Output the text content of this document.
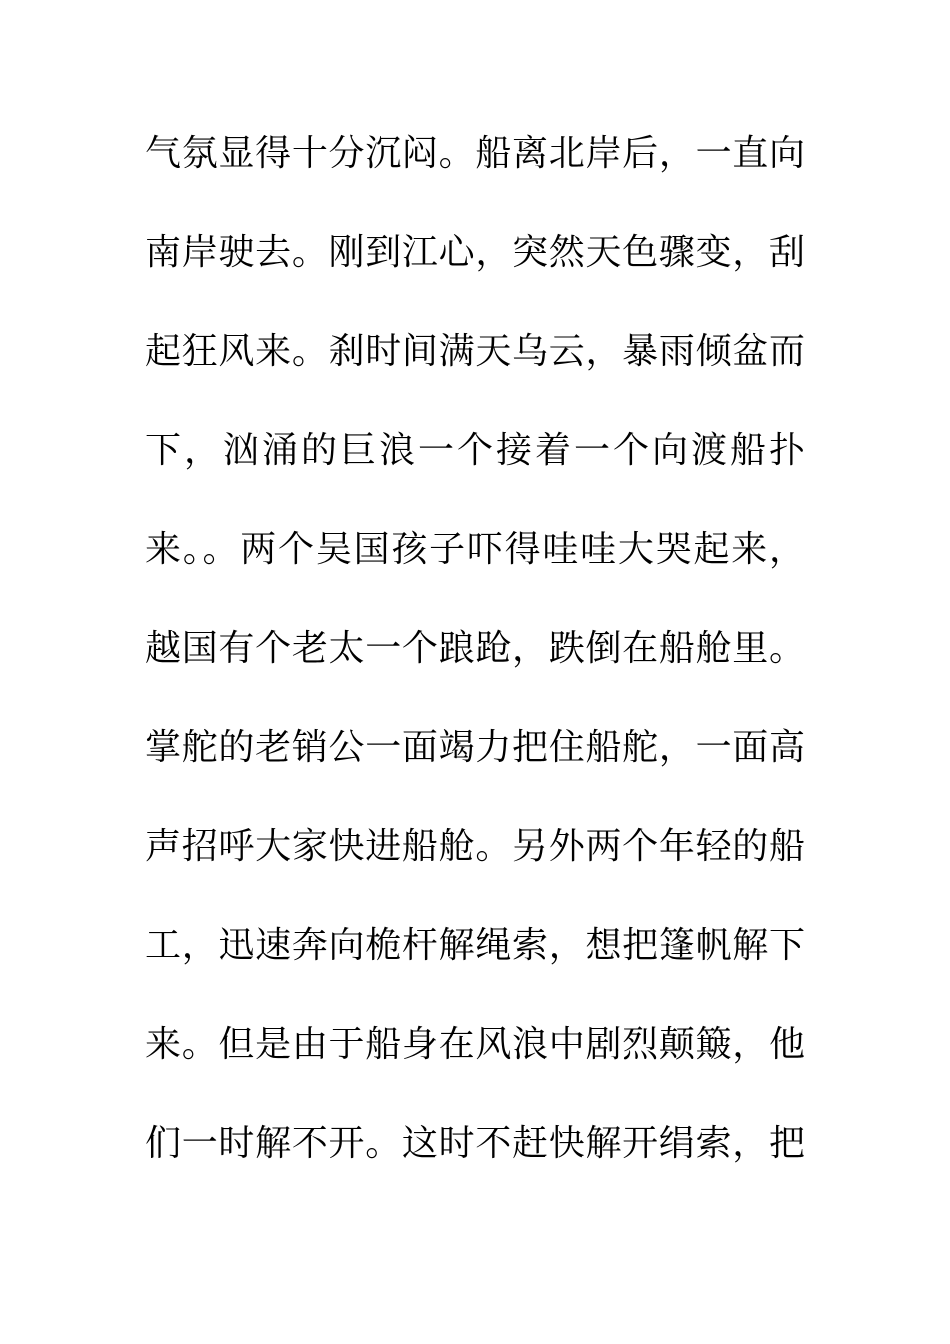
气氛显得十分沉闷。船离北岸后，一直向
南岸驶去。刚到江心，突然天色骤变，刮
起狂风来。刹时间满天乌云，暴雨倾盆而
下，汹涌的巨浪一个接着一个向渡船扑
来。。两个吴国孩子吓得哇哇大哭起来，
越国有个老太一个踉跄，跌倒在船舱里。
掌舵的老销公一面竭力把住船舵，一面高
声招呼大家快进船舱。另外两个年轻的船
工，迅速奔向桅杆解绳索，想把篷帆解下
来。但是由于船身在风浪中剧烈颠簸，他
们一时解不开。这时不赶快解开绢索，把
